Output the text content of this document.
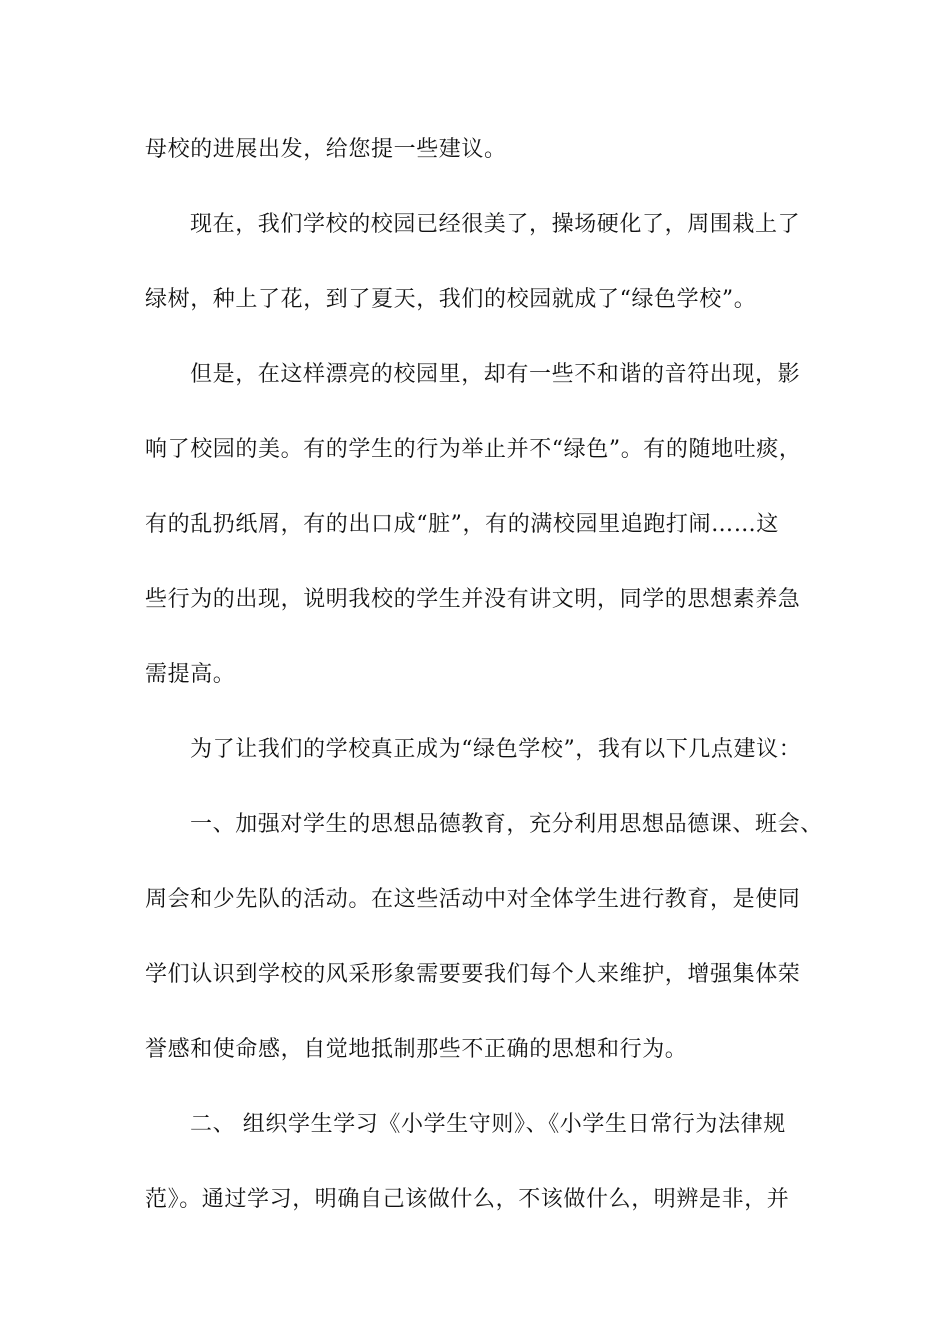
母校的进展出发，给您提一些建议。
现在，我们学校的校园已经很美了，操场硬化了，周围栽上了
绿树，种上了花，到了夏天，我们的校园就成了“绿色学校”。
但是，在这样漂亮的校园里，却有一些不和谐的音符出现，影
响了校园的美。有的学生的行为举止并不“绿色”。有的随地吐痰，
有的乱扔纸屑，有的出口成“脏”，有的满校园里追跑打闹……这
些行为的出现，说明我校的学生并没有讲文明，同学的思想素养急
需提高。
为了让我们的学校真正成为“绿色学校”，我有以下几点建议：
一、加强对学生的思想品德教育，充分利用思想品德课、班会、
周会和少先队的活动。在这些活动中对全体学生进行教育，是使同
学们认识到学校的风采形象需要要我们每个人来维护，增强集体荣
誉感和使命感，自觉地抵制那些不正确的思想和行为。
二、 组织学生学习《小学生守则》、《小学生日常行为法律规
范》。通过学习，明确自己该做什么，不该做什么，明辨是非，并
